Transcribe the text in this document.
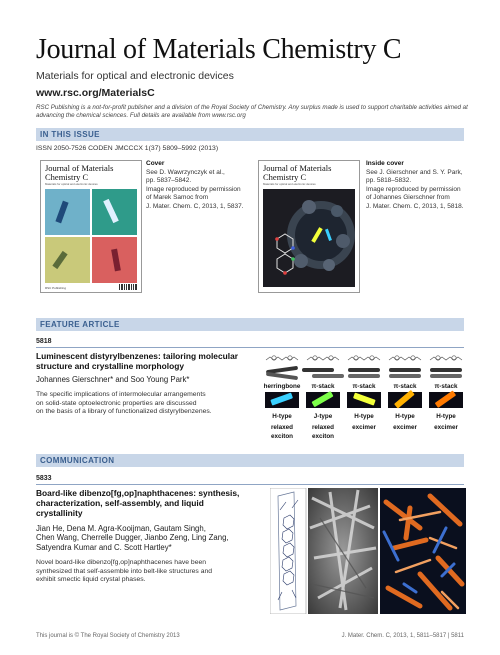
Journal of Materials Chemistry C
Materials for optical and electronic devices
www.rsc.org/MaterialsC
RSC Publishing is a not-for-profit publisher and a division of the Royal Society of Chemistry. Any surplus made is used to support charitable activities aimed at advancing the chemical sciences. Full details are available from www.rsc.org
IN THIS ISSUE
ISSN 2050-7526 CODEN JMCCCX 1(37) 5809–5992 (2013)
Journal of Materials Chemistry C
Materials for optical and electronic devices
RSC Publishing
Cover
See D. Wawrzynczyk et al.,
pp. 5837–5842.
Image reproduced by permission
of Marek Samoc from
J. Mater. Chem. C, 2013, 1, 5837.
Journal of Materials Chemistry C
Materials for optical and electronic devices
Inside cover
See J. Gierschner and S. Y. Park,
pp. 5818–5832.
Image reproduced by permission
of Johannes Gierschner from
J. Mater. Chem. C, 2013, 1, 5818.
FEATURE ARTICLE
5818
Luminescent distyrylbenzenes: tailoring molecular
structure and crystalline morphology
Johannes Gierschner* and Soo Young Park*
The specific implications of intermolecular arrangements
on solid-state optoelectronic properties are discussed
on the basis of a library of functionalized distyrylbenzenes.
herringbone
H-type
relaxed
exciton
π-stack
J-type
relaxed
exciton
π-stack
H-type
excimer
π-stack
H-type
excimer
π-stack
H-type
excimer
COMMUNICATION
5833
Board-like dibenzo[fg,op]naphthacenes: synthesis,
characterization, self-assembly, and liquid
crystallinity
Jian He, Dena M. Agra-Kooijman, Gautam Singh,
Chen Wang, Cherrelle Dugger, Jianbo Zeng, Ling Zang,
Satyendra Kumar and C. Scott Hartley*
Novel board-like dibenzo[fg,op]naphthacenes have been
synthesized that self-assemble into belt-like structures and
exhibit smectic liquid crystal phases.
This journal is © The Royal Society of Chemistry 2013	J. Mater. Chem. C, 2013, 1, 5811–5817 | 5811
